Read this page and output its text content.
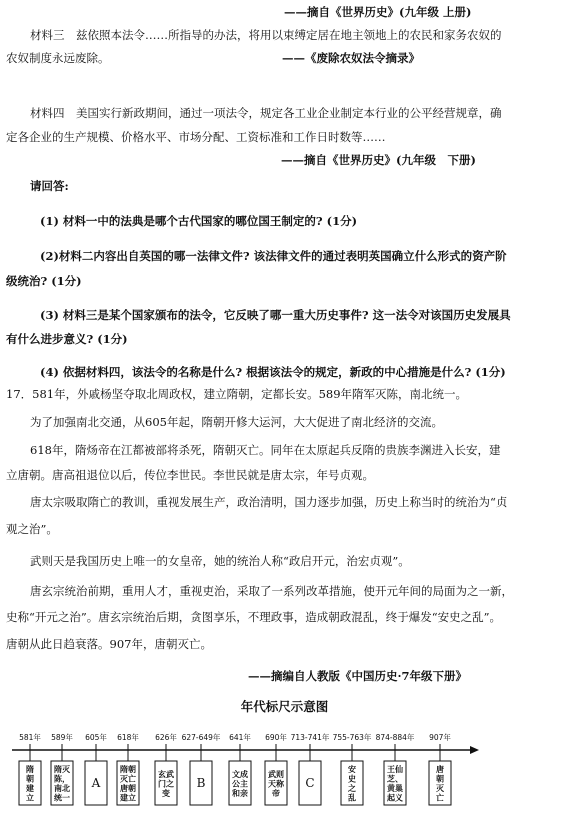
——摘自《世界历史》(九年级 上册)
材料三　兹依照本法令……所指导的办法，将用以束缚定居在地主领地上的农民和家务农奴的
农奴制度永远废除。	——《废除农奴法令摘录》
材料四　美国实行新政期间，通过一项法令，规定各工业企业制定本行业的公平经营规章，确
定各企业的生产规模、价格水平、市场分配、工资标准和工作日时数等……
——摘自《世界历史》(九年级　下册)
请回答:
(1) 材料一中的法典是哪个古代国家的哪位国王制定的? (1分)
(2)材料二内容出自英国的哪一法律文件? 该法律文件的通过表明英国确立什么形式的资产阶
级统治? (1分)
(3) 材料三是某个国家颁布的法令，它反映了哪一重大历史事件? 这一法令对该国历史发展具
有什么进步意义? (1分)
(4) 依据材料四，该法令的名称是什么? 根据该法令的规定，新政的中心措施是什么? (1分)
17．581年，外戚杨坚夺取北周政权，建立隋朝，定都长安。589年隋军灭陈，南北统一。
为了加强南北交通，从605年起，隋朝开修大运河，大大促进了南北经济的交流。
618年，隋炀帝在江都被部将杀死，隋朝灭亡。同年在太原起兵反隋的贵族李渊进入长安，建
立唐朝。唐高祖退位以后，传位李世民。李世民就是唐太宗，年号贞观。
唐太宗吸取隋亡的教训，重视发展生产，政治清明，国力逐步加强，历史上称当时的统治为“贞
观之治”。
武则天是我国历史上唯一的女皇帝，她的统治人称“政启开元，治宏贞观”。
唐玄宗统治前期，重用人才，重视吏治，采取了一系列改革措施，使开元年间的局面为之一新，
史称“开元之治”。唐玄宗统治后期，贪图享乐，不理政事，造成朝政混乱，终于爆发“安史之乱”。
唐朝从此日趋衰落。907年，唐朝灭亡。
——摘编自人教版《中国历史·7年级下册》
年代标尺示意图
581年
隋
朝
建
立
589年
隋灭
陈，
南北
统一
605年
A
618年
隋朝
灭亡
唐朝
建立
626年
玄武
门之
变
627-649年
B
641年
文成
公主
和亲
690年
武则
天称
帝
713-741年
C
755-763年
安
史
之
乱
874-884年
王仙
芝、
黄巢
起义
907年
唐
朝
灭
亡
